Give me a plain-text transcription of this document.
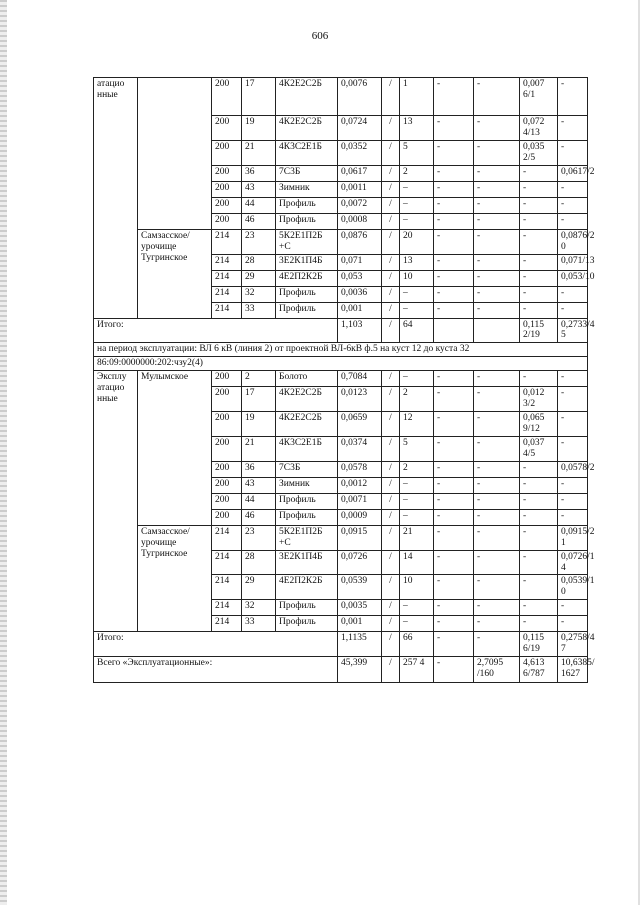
606
атацио нные		200	17	4К2Е2С2Б	0,0076	/	1	-	-	0,007 6/1	-
		200	19	4К2Е2С2Б	0,0724	/	13	-	-	0,072 4/13	-
		200	21	4К3С2Е1Б	0,0352	/	5	-	-	0,035 2/5	-
		200	36	7С3Б	0,0617	/	2	-	-	-	0,0617/2
		200	43	Зимник	0,0011	/	–	-	-	-	-
		200	44	Профиль	0,0072	/	–	-	-	-	-
		200	46	Профиль	0,0008	/	–	-	-	-	-
	Самзасское/ урочище Тугринское	214	23	5К2Е1П2Б +С	0,0876	/	20	-	-	-	0,0876/2 0
		214	28	3Е2К1П4Б	0,071	/	13	-	-	-	0,071/13
		214	29	4Е2П2К2Б	0,053	/	10	-	-	-	0,053/10
		214	32	Профиль	0,0036	/	–	-	-	-	-
		214	33	Профиль	0,001	/	–	-	-	-	-
Итого:					1,103	/	64			0,115 2/19	0,2733/4 5
на период эксплуатации: ВЛ 6 кВ (линия 2) от проектной ВЛ-6кВ ф.5 на куст 12 до куста 32											
86:09:0000000:202:чзу2(4)											
Эксплу атацио нные	Мулымское	200	2	Болото	0,7084	/	–	-	-	-	-
		200	17	4К2Е2С2Б	0,0123	/	2	-	-	0,012 3/2	-
		200	19	4К2Е2С2Б	0,0659	/	12	-	-	0,065 9/12	-
		200	21	4К3С2Е1Б	0,0374	/	5	-	-	0,037 4/5	-
		200	36	7С3Б	0,0578	/	2	-	-	-	0,0578/2
		200	43	Зимник	0,0012	/	–	-	-	-	-
		200	44	Профиль	0,0071	/	–	-	-	-	-
		200	46	Профиль	0,0009	/	–	-	-	-	-
	Самзасское/ урочище Тугринское	214	23	5К2Е1П2Б +С	0,0915	/	21	-	-	-	0,0915/2 1
		214	28	3Е2К1П4Б	0,0726	/	14	-	-	-	0,0726/1 4
		214	29	4Е2П2К2Б	0,0539	/	10	-	-	-	0,0539/1 0
		214	32	Профиль	0,0035	/	–	-	-	-	-
		214	33	Профиль	0,001	/	–	-	-	-	-
Итого:					1,1135	/	66	-	-	0,115 6/19	0,2758/4 7
Всего «Эксплуатационные»:					45,399	/	257 4	-	2,7095 /160	4,613 6/787	10,6385/ 1627
